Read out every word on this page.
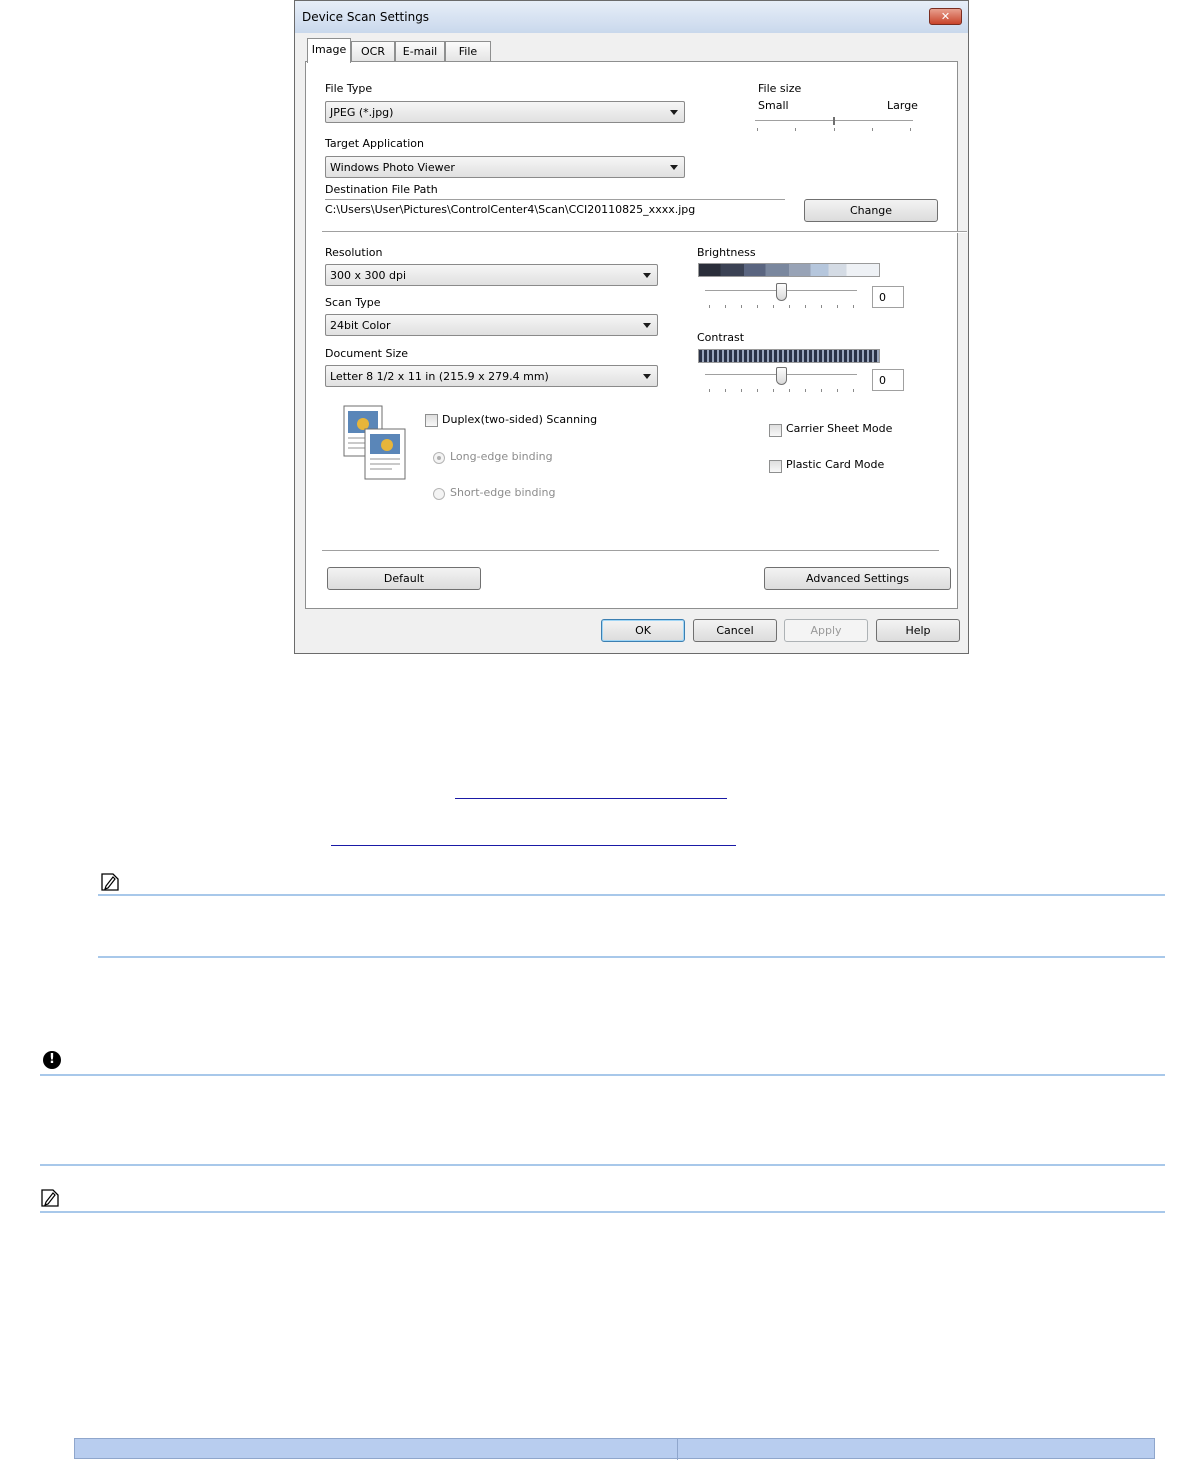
Device Scan Settings	✕
Image	OCR	E-mail	File
File Type
JPEG (*.jpg)
File size
Small	Large
Target Application
Windows Photo Viewer
Destination File Path
C:\Users\User\Pictures\ControlCenter4\Scan\CCI20110825_xxxx.jpg	Change
Resolution
300 x 300 dpi
Scan Type
24bit Color
Document Size
Letter 8 1/2 x 11 in (215.9 x 279.4 mm)
Brightness
0
Contrast
0
Duplex(two-sided) Scanning
Long-edge binding
Short-edge binding
Carrier Sheet Mode
Plastic Card Mode
Default	Advanced Settings
OK	Cancel	Apply	Help
!
